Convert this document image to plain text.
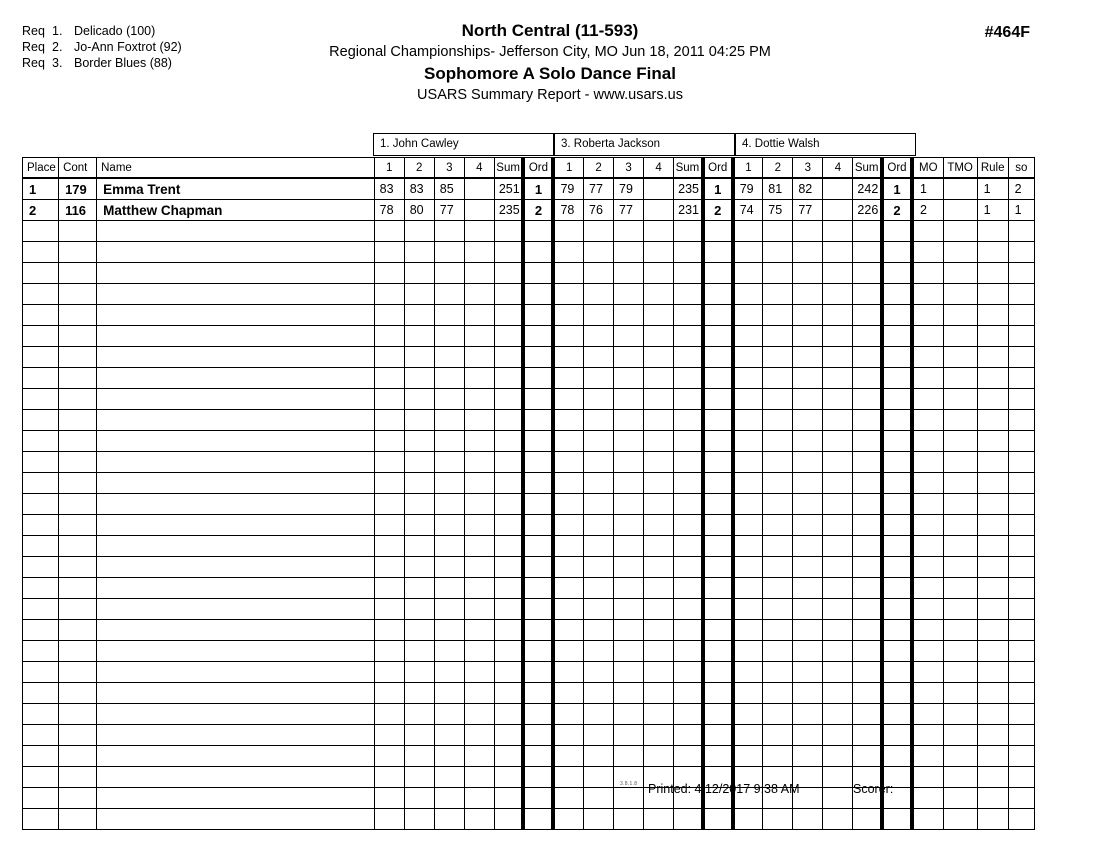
Req 1. Delicado (100)
Req 2. Jo-Ann Foxtrot (92)
Req 3. Border Blues (88)
North Central (11-593)
Regional Championships- Jefferson City, MO Jun 18, 2011 04:25 PM
Sophomore A Solo Dance Final
USARS Summary Report - www.usars.us
#464F
1. John Cawley	3. Roberta Jackson	4. Dottie Walsh
Place	Cont	Name	1	2	3	4	Sum	Ord	1	2	3	4	Sum	Ord	1	2	3	4	Sum	Ord	MO	TMO	Rule	so
1	179	Emma Trent	83	83	85		251	1	79	77	79		235	1	79	81	82		242	1	1		1	2
2	116	Matthew Chapman	78	80	77		235	2	78	76	77		231	2	74	75	77		226	2	2		1	1

3.8.1.8 Printed: 4/12/2017 9:38 AM	Scorer:
